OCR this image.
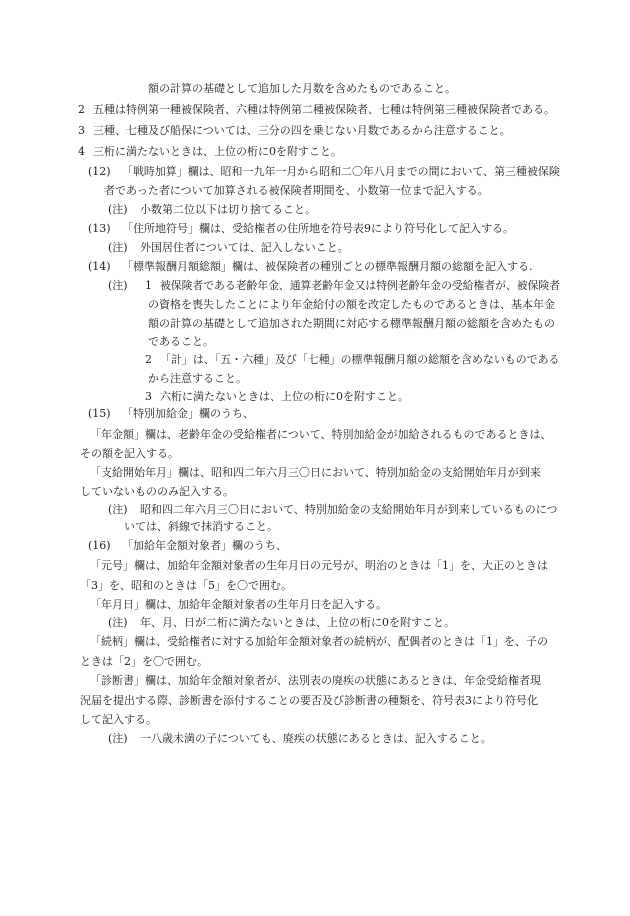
額の計算の基礎として追加した月数を含めたものであること。
2 五種は特例第一種被保険者、六種は特例第二種被保険者、七種は特例第三種被保険者である。
3 三種、七種及び船保については、三分の四を乗じない月数であるから注意すること。
4 三桁に満たないときは、上位の桁に0を附すこと。
(12) 「戦時加算」欄は、昭和一九年一月から昭和二〇年八月までの間において、第三種被保険
者であった者について加算される被保険者期間を、小数第一位まで記入する。
(注) 小数第二位以下は切り捨てること。
(13) 「住所地符号」欄は、受給権者の住所地を符号表9により符号化して記入する。
(注) 外国居住者については、記入しないこと。
(14) 「標準報酬月額総額」欄は、被保険者の種別ごとの標準報酬月額の総額を記入する.
(注) 1 被保険者である老齢年金、通算老齢年金又は特例老齢年金の受給権者が、被保険者
の資格を喪失したことにより年金給付の額を改定したものであるときは、基本年金
額の計算の基礎として追加された期間に対応する標準報酬月額の総額を含めたもの
であること。
2 「計」は、「五・六種」及び「七種」の標準報酬月額の総額を含めないものである
から注意すること。
3 六桁に満たないときは、上位の桁に0を附すこと。
(15) 「特別加給金」欄のうち、
「年金額」欄は、老齢年金の受給権者について、特別加給金が加給されるものであるときは、
その額を記入する。
「支給開始年月」欄は、昭和四二年六月三〇日において、特別加給金の支給開始年月が到来
していないもののみ記入する。
(注) 昭和四二年六月三〇日において、特別加給金の支給開始年月が到来しているものにつ
いては、斜線で抹消すること。
(16) 「加給年金額対象者」欄のうち、
「元号」欄は、加給年金額対象者の生年月日の元号が、明治のときは「1」を、大正のときは
「3」を、昭和のときは「5」を〇で囲む。
「年月日」欄は、加給年金額対象者の生年月日を記入する。
(注) 年、月、日が二桁に満たないときは、上位の桁に0を附すこと。
「続柄」欄は、受給権者に対する加給年金額対象者の続柄が、配偶者のときは「1」を、子の
ときは「2」を〇で囲む。
「診断書」欄は、加給年金額対象者が、法別表の廃疾の状態にあるときは、年金受給権者現
況届を提出する際、診断書を添付することの要否及び診断書の種類を、符号表3により符号化
して記入する。
(注) 一八歳未満の子についても、廃疾の状態にあるときは、記入すること。
